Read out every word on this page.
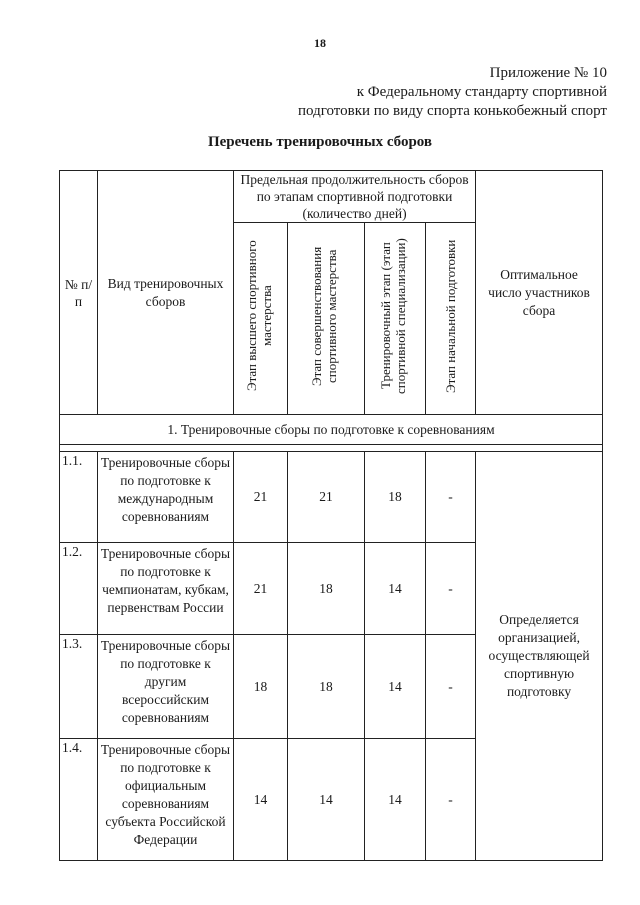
18
Приложение № 10
к Федеральному стандарту спортивной
подготовки по виду спорта конькобежный спорт
Перечень тренировочных сборов
№ п/п	Вид тренировочных сборов	Предельная продолжительность сборов по этапам спортивной подготовки (количество дней)				Оптимальное число участников сбора
		Этап высшего спортивного мастерства	Этап совершенствования спортивного мастерства	Тренировочный этап (этап спортивной специализации)	Этап начальной подготовки	
1. Тренировочные сборы по подготовке к соревнованиям						

1.1.	Тренировочные сборы по подготовке к международным соревнованиям	21	21	18	-	Определяется организацией, осуществляющей спортивную подготовку
1.2.	Тренировочные сборы по подготовке к чемпионатам, кубкам, первенствам России	21	18	14	-	
1.3.	Тренировочные сборы по подготовке к другим всероссийским соревнованиям	18	18	14	-	
1.4.	Тренировочные сборы по подготовке к официальным соревнованиям субъекта Российской Федерации	14	14	14	-	
